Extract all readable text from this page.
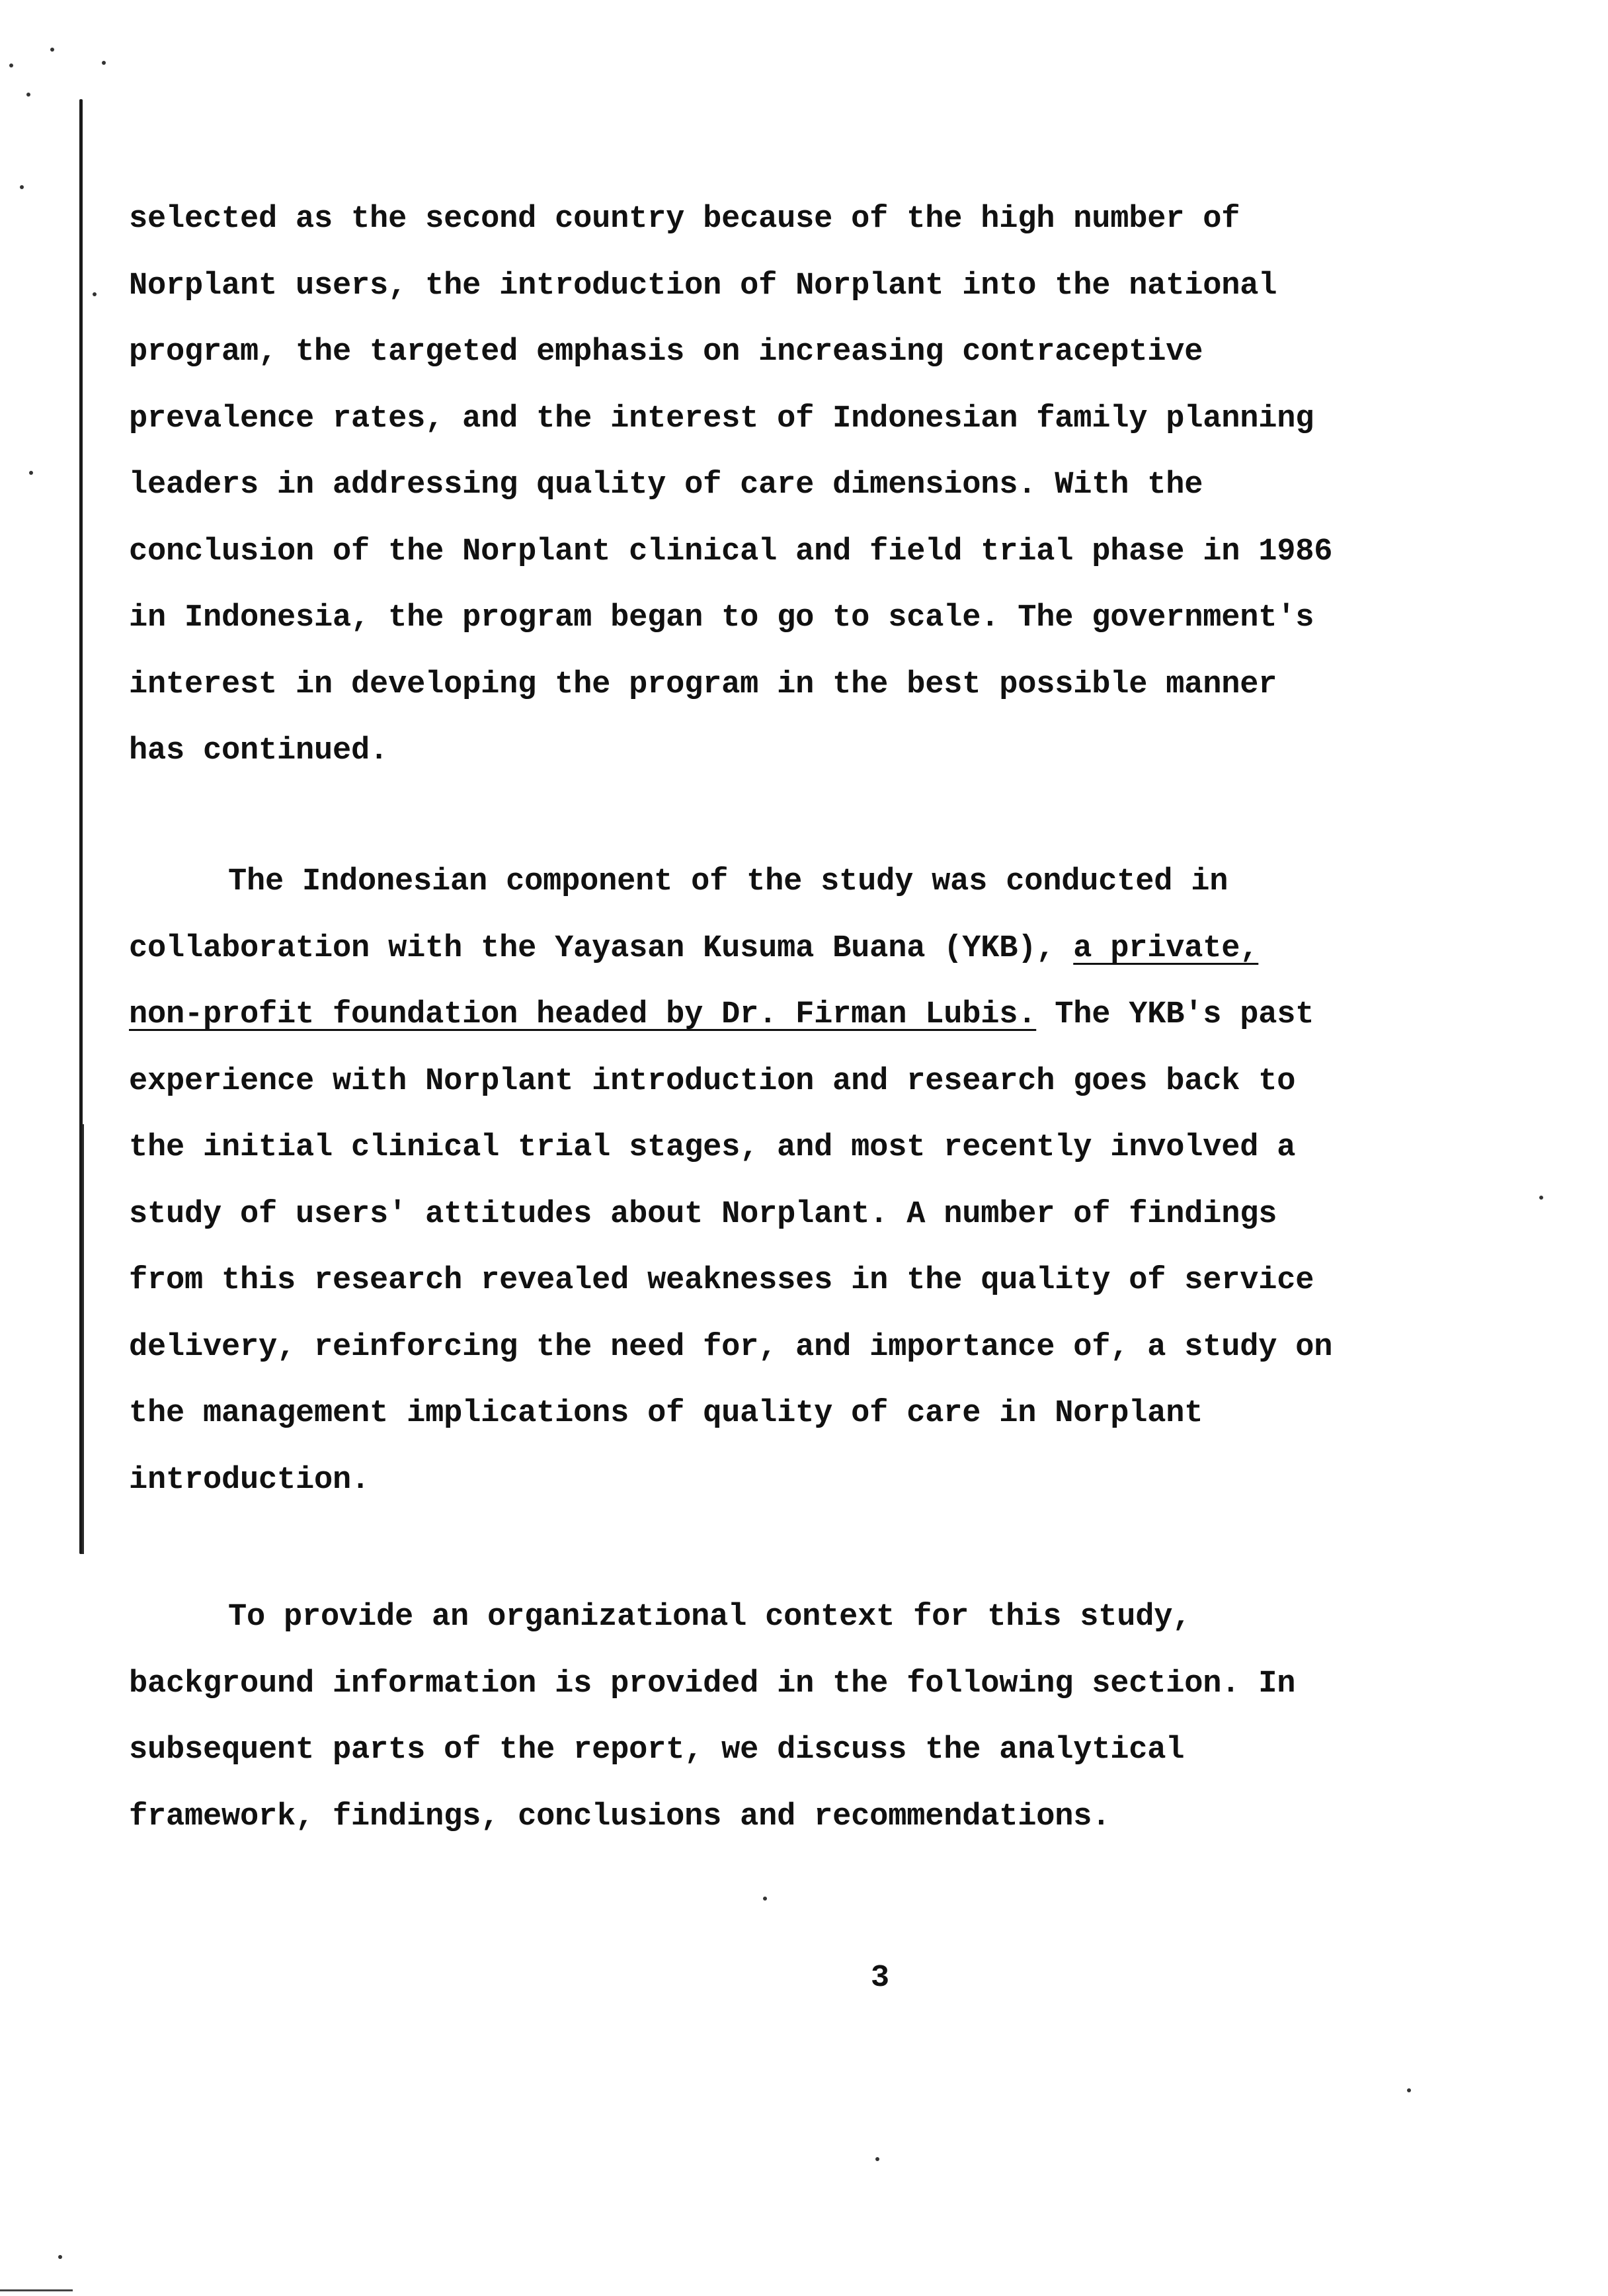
selected as the second country because of the high number of
Norplant users, the introduction of Norplant into the national
program, the targeted emphasis on increasing contraceptive
prevalence rates, and the interest of Indonesian family planning
leaders in addressing quality of care dimensions. With the
conclusion of the Norplant clinical and field trial phase in 1986
in Indonesia, the program began to go to scale. The government's
interest in developing the program in the best possible manner
has continued.
The Indonesian component of the study was conducted in
collaboration with the Yayasan Kusuma Buana (YKB), a private,
non-profit foundation headed by Dr. Firman Lubis. The YKB's past
experience with Norplant introduction and research goes back to
the initial clinical trial stages, and most recently involved a
study of users' attitudes about Norplant. A number of findings
from this research revealed weaknesses in the quality of service
delivery, reinforcing the need for, and importance of, a study on
the management implications of quality of care in Norplant
introduction.
To provide an organizational context for this study,
background information is provided in the following section. In
subsequent parts of the report, we discuss the analytical
framework, findings, conclusions and recommendations.
3
